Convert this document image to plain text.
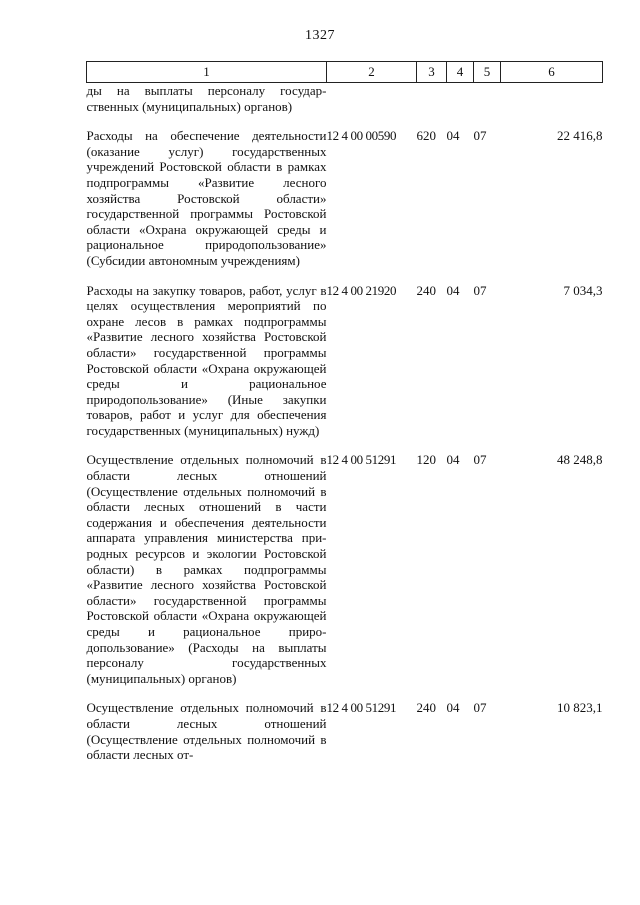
1327
1	2	3	4	5	6
ды на выплаты персоналу государственных (муниципальных) органов)					

Расходы на обеспечение деятельности (оказание услуг) государственных учреждений Ростовской области в рамках подпрограммы «Развитие лесного хозяйства Ростовской области» государственной программы Ростовской области «Охрана окружающей среды и рациональное природопользование» (Субсидии автономным учреждениям)	12 4 00 00590	620	04	07	22 416,8

Расходы на закупку товаров, работ, услуг в целях осуществления мероприятий по охране лесов в рамках подпрограммы «Развитие лесного хозяйства Ростовской области» государственной программы Ростовской области «Охрана окружающей среды и рациональное природопользование» (Иные закупки товаров, работ и услуг для обеспечения государственных (муниципальных) нужд)	12 4 00 21920	240	04	07	7 034,3

Осуществление отдельных полномочий в области лесных отношений (Осуществление отдельных полномочий в области лесных отношений в части содержания и обеспечения деятельности аппарата управления министерства природных ресурсов и экологии Ростовской области) в рамках подпрограммы «Развитие лесного хозяйства Ростовской области» государственной программы Ростовской области «Охрана окружающей среды и рациональное природопользование» (Расходы на выплаты персоналу государственных (муниципальных) органов)	12 4 00 51291	120	04	07	48 248,8

Осуществление отдельных полномочий в области лесных отношений (Осуществление отдельных полномочий в области лесных от-	12 4 00 51291	240	04	07	10 823,1
